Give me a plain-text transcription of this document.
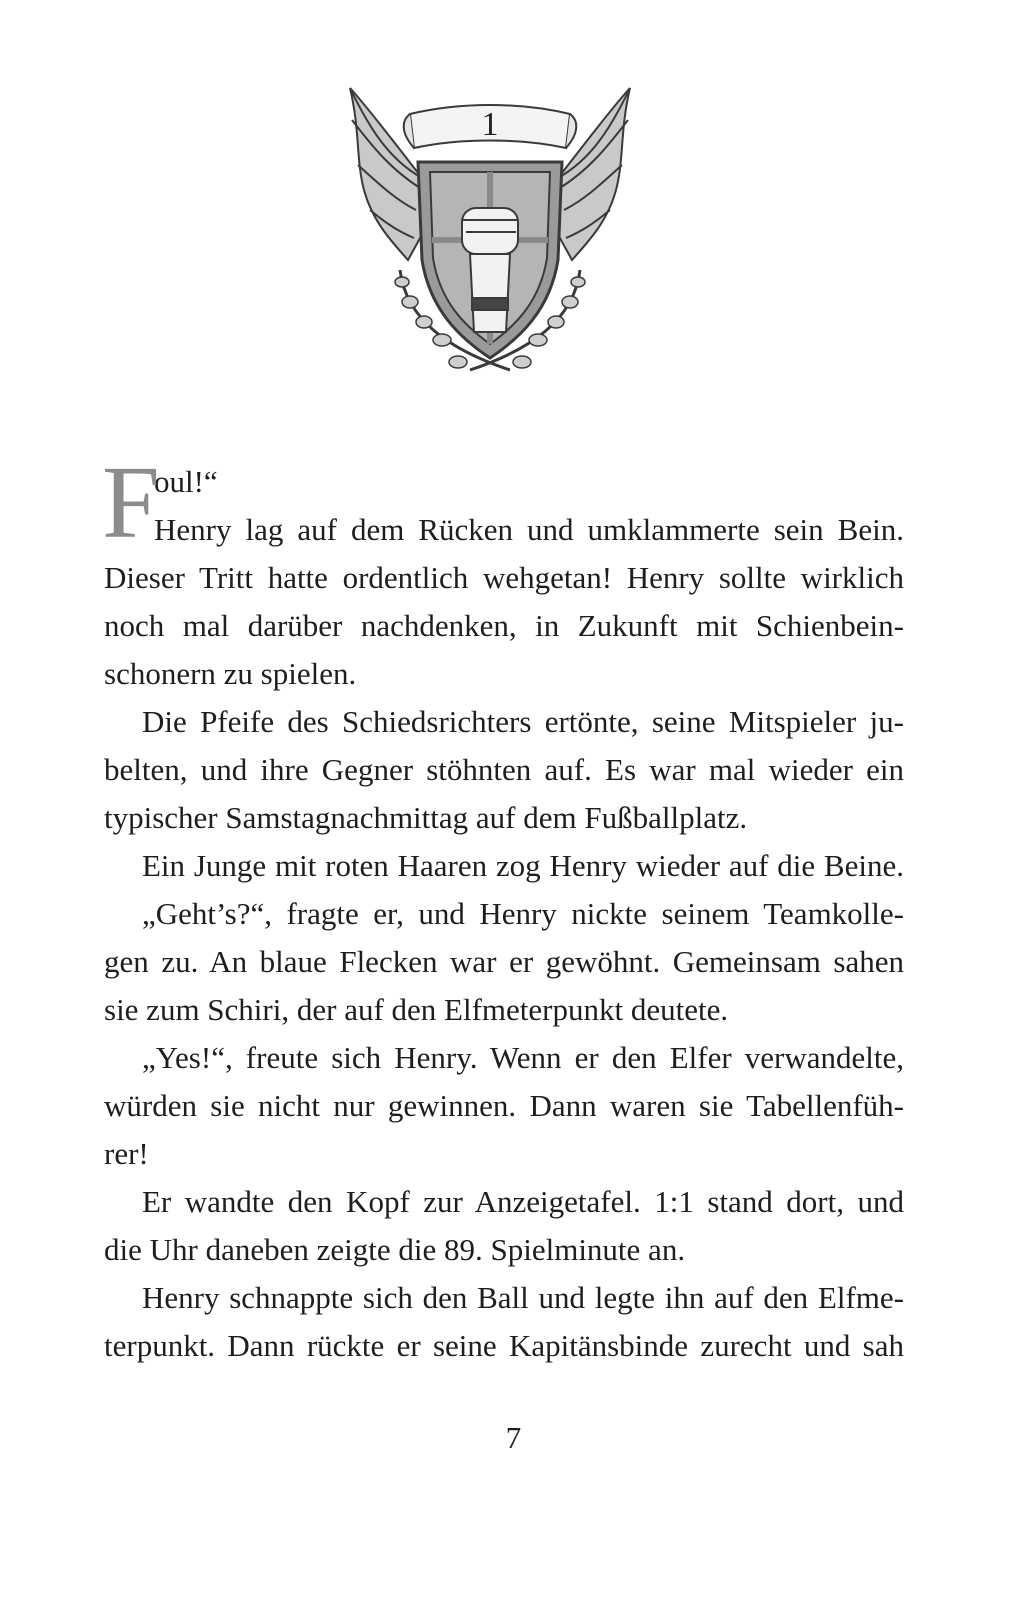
1
F
oul!“
Henry lag auf dem Rücken und umklammerte sein Bein.
Dieser Tritt hatte ordentlich wehgetan! Henry sollte wirklich
noch mal darüber nachdenken, in Zukunft mit Schienbein-
schonern zu spielen.
Die Pfeife des Schiedsrichters ertönte, seine Mitspieler ju-
belten, und ihre Gegner stöhnten auf. Es war mal wieder ein
typischer Samstagnachmittag auf dem Fußballplatz.
Ein Junge mit roten Haaren zog Henry wieder auf die Beine.
„Geht’s?“, fragte er, und Henry nickte seinem Teamkolle-
gen zu. An blaue Flecken war er gewöhnt. Gemeinsam sahen
sie zum Schiri, der auf den Elfmeterpunkt deutete.
„Yes!“, freute sich Henry. Wenn er den Elfer verwandelte,
würden sie nicht nur gewinnen. Dann waren sie Tabellenfüh-
rer!
Er wandte den Kopf zur Anzeigetafel. 1:1 stand dort, und
die Uhr daneben zeigte die 89. Spielminute an.
Henry schnappte sich den Ball und legte ihn auf den Elfme-
terpunkt. Dann rückte er seine Kapitänsbinde zurecht und sah
7
